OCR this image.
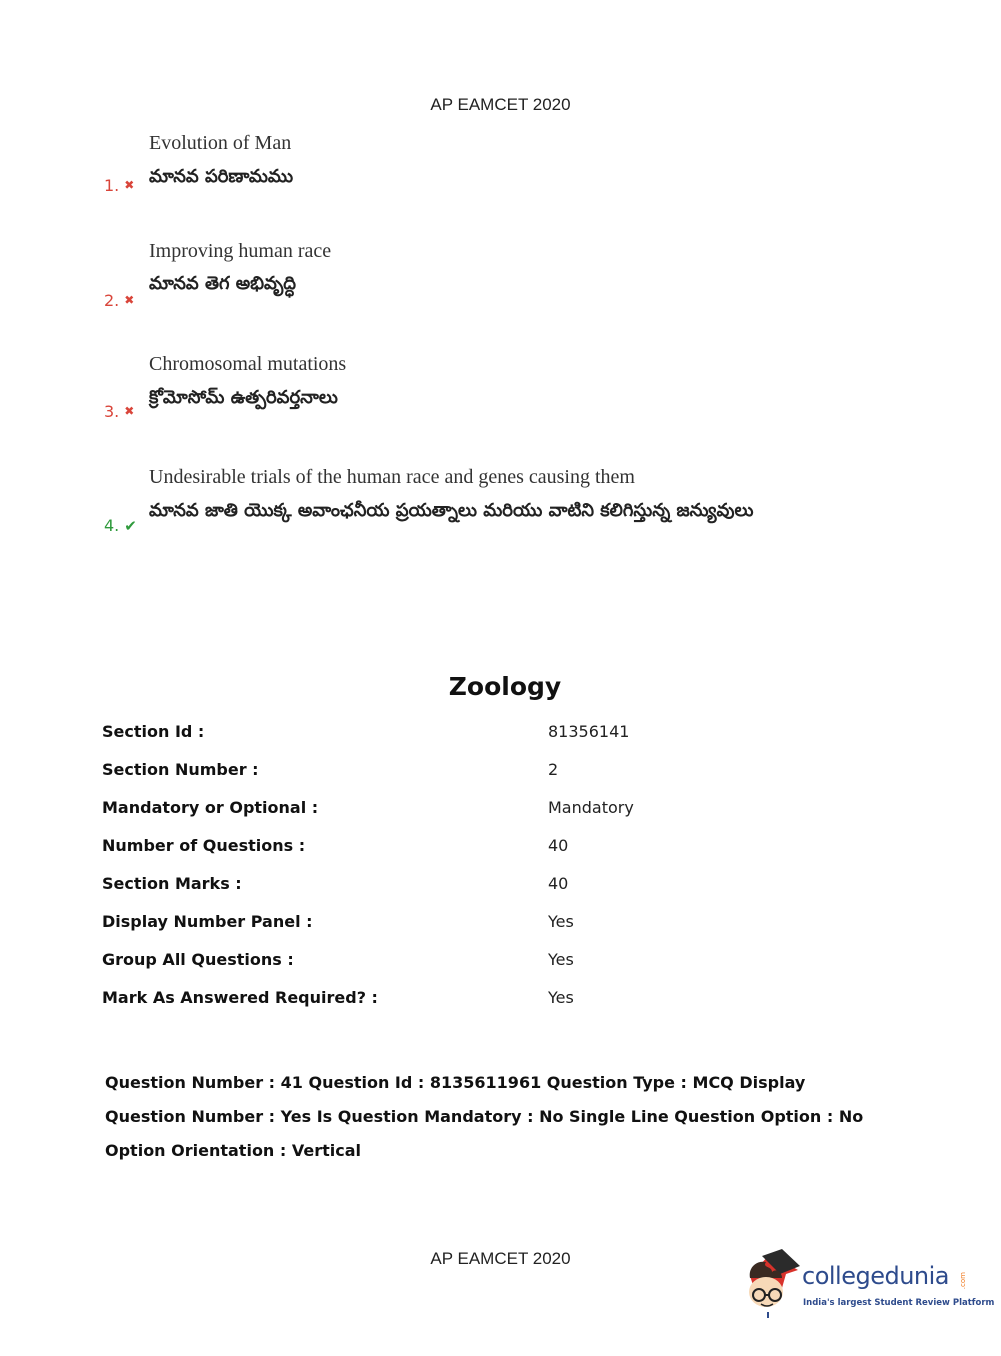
AP EAMCET 2020
Evolution of Man
మానవ పరిణామము
1. ✖
Improving human race
మానవ తెగ అభివృద్ధి
2. ✖
Chromosomal mutations
క్రోమోసోమ్ ఉత్పరివర్తనాలు
3. ✖
Undesirable trials of the human race and genes causing them
మానవ జాతి యొక్క అవాంఛనీయ ప్రయత్నాలు మరియు వాటిని కలిగిస్తున్న జన్యువులు
4. ✔
Zoology
Section Id :	81356141
Section Number :	2
Mandatory or Optional :	Mandatory
Number of Questions :	40
Section Marks :	40
Display Number Panel :	Yes
Group All Questions :	Yes
Mark As Answered Required? :	Yes
Question Number : 41 Question Id : 8135611961 Question Type : MCQ Display Question Number : Yes Is Question Mandatory : No Single Line Question Option : No Option Orientation : Vertical
AP EAMCET 2020
collegedunia .com
India's largest Student Review Platform
